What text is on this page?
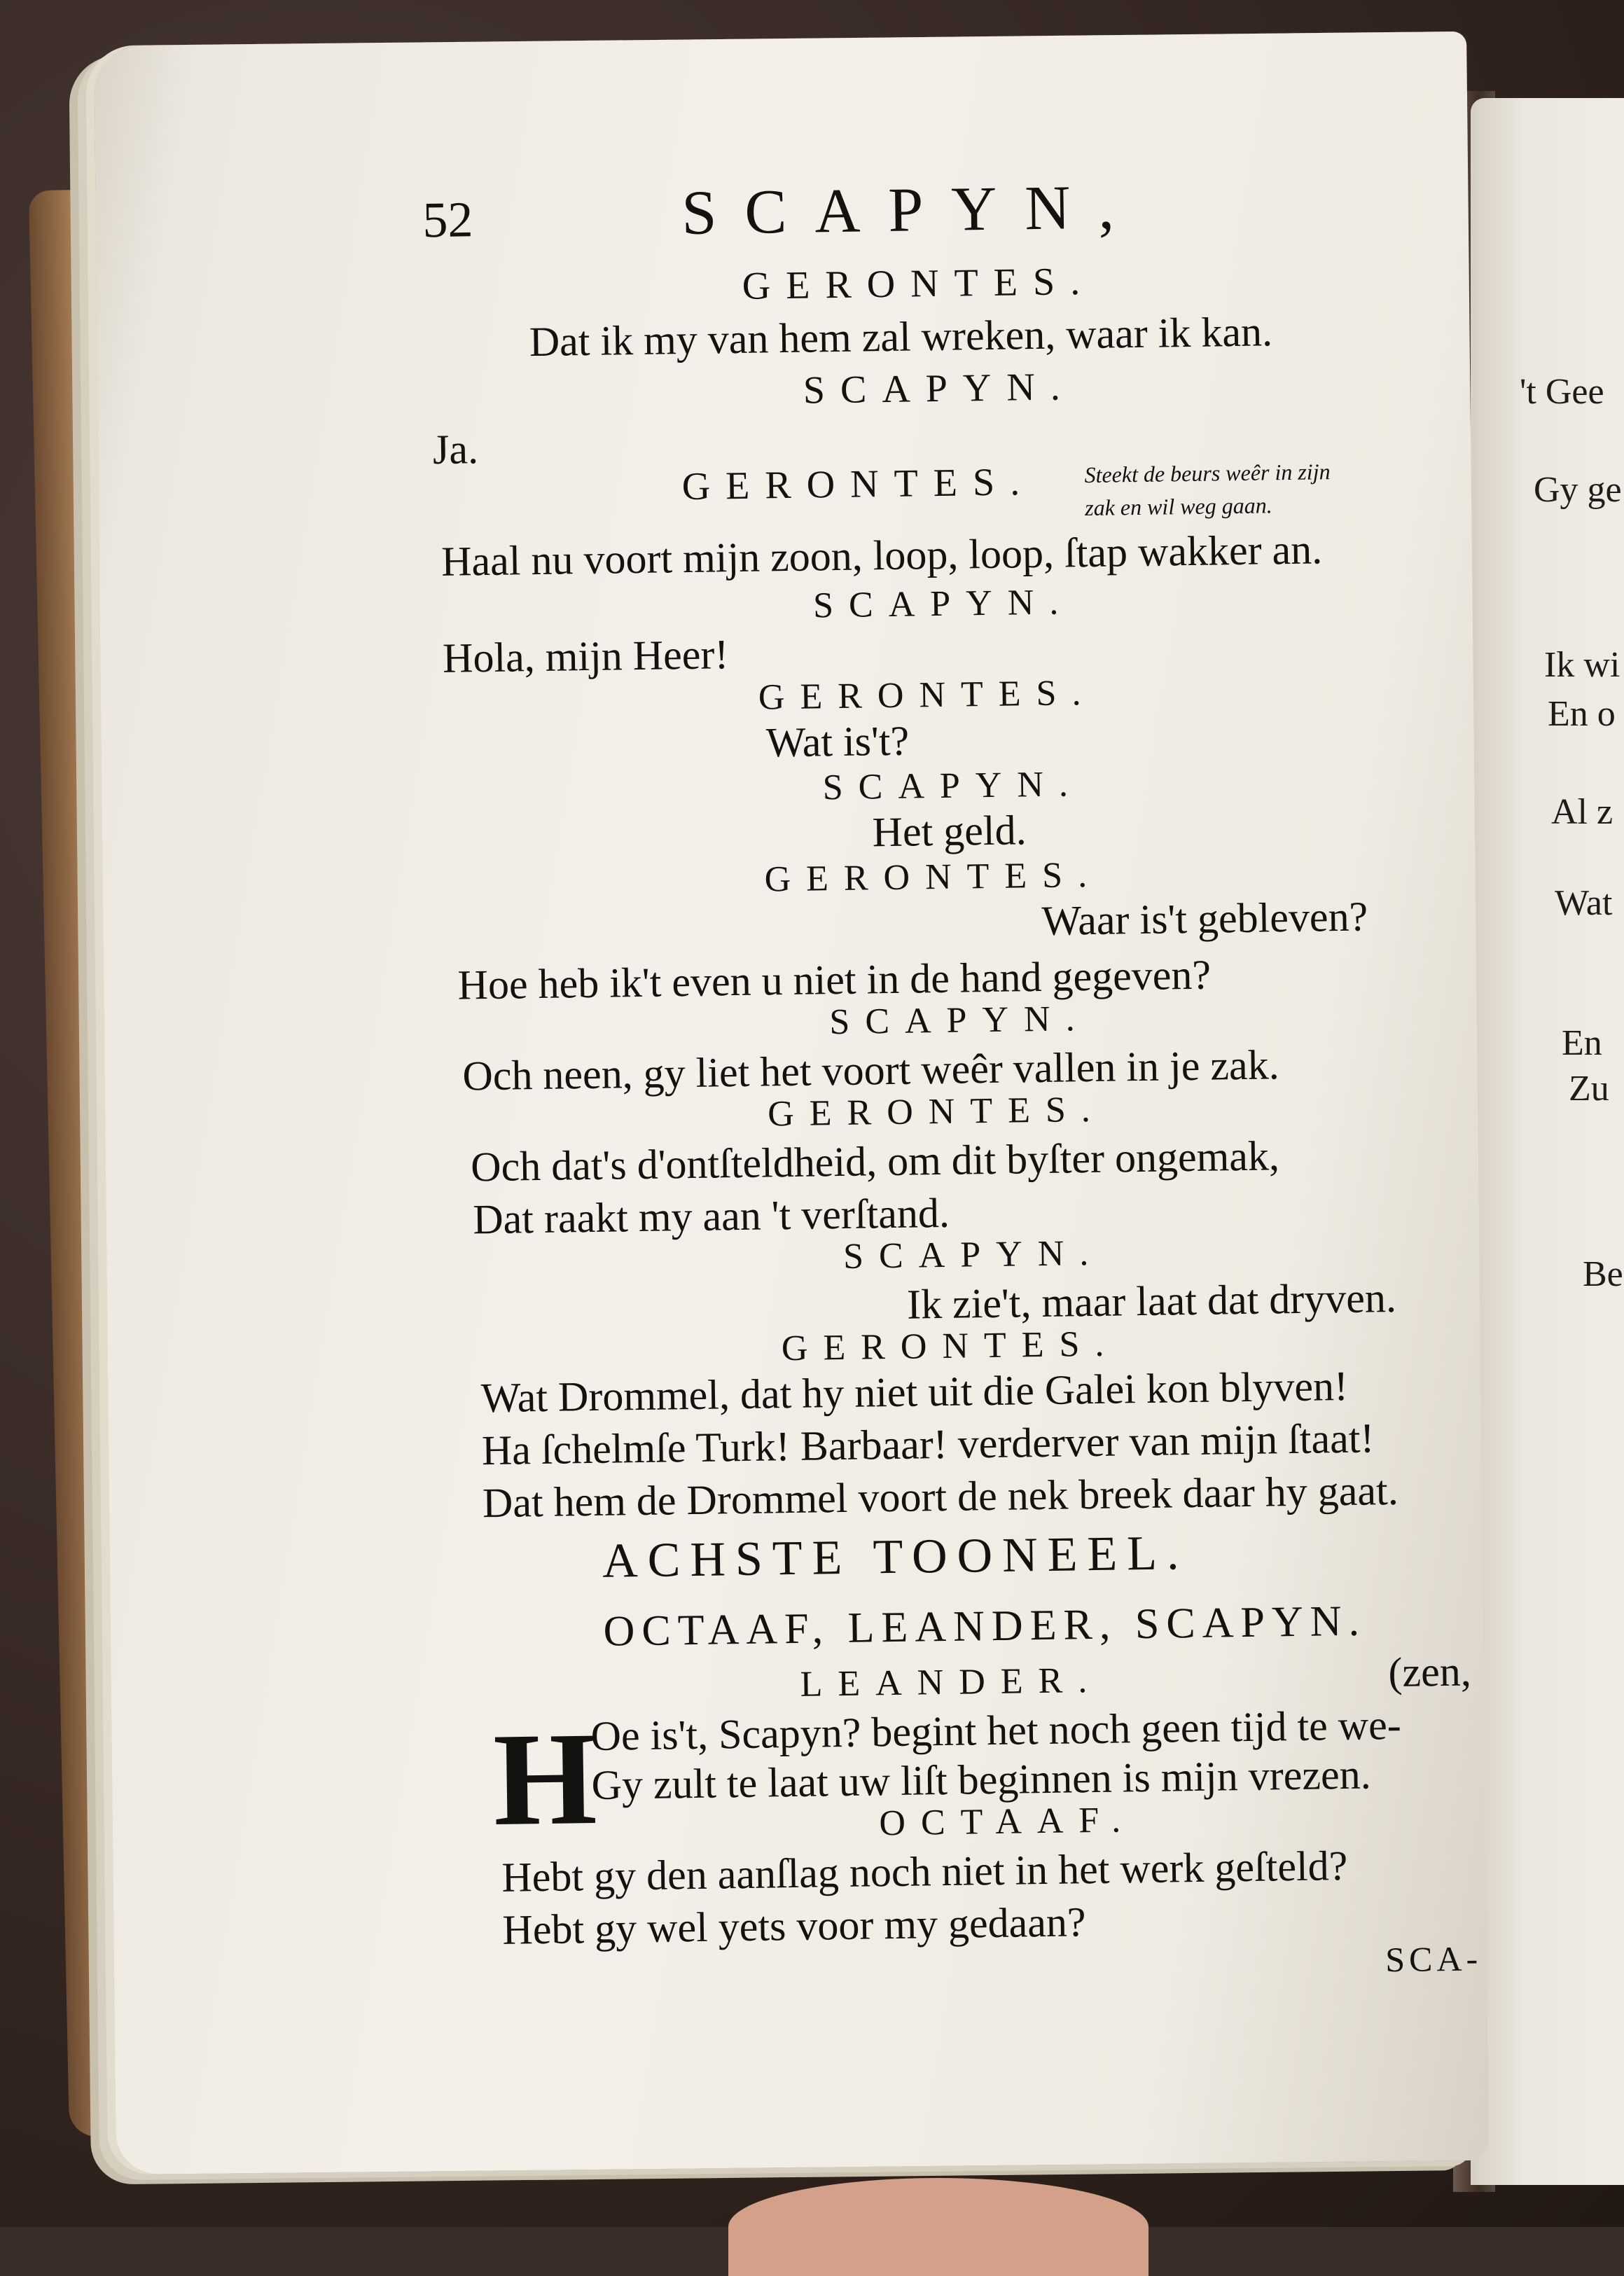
52	SCAPYN,
GERONTES.
Dat ik my van hem zal wreken, waar ik kan.
SCAPYN.
Ja.
GERONTES. Steekt de beurs weêr in zijn
zak en wil weg gaan.
Haal nu voort mijn zoon, loop, loop, ſtap wakker an.
SCAPYN.
Hola, mijn Heer!
GERONTES.
Wat is't?
SCAPYN.
Het geld.
GERONTES.
Waar is't gebleven?
Hoe heb ik't even u niet in de hand gegeven?
SCAPYN.
Och neen, gy liet het voort weêr vallen in je zak.
GERONTES.
Och dat's d'ontſteldheid, om dit byſter ongemak,
Dat raakt my aan 't verſtand.
SCAPYN.
Ik zie't, maar laat dat dryven.
GERONTES.
Wat Drommel, dat hy niet uit die Galei kon blyven!
Ha ſchelmſe Turk! Barbaar! verderver van mijn ſtaat!
Dat hem de Drommel voort de nek breek daar hy gaat.
ACHSTE TOONEEL.
OCTAAF, LEANDER, SCAPYN.
LEANDER.	(zen,
H
Oe is't, Scapyn? begint het noch geen tijd te we-
Gy zult te laat uw liſt beginnen is mijn vrezen.
OCTAAF.
Hebt gy den aanſlag noch niet in het werk geſteld?
Hebt gy wel yets voor my gedaan?
SCA-
't Gee
Gy ge
Ik wi
En o
Al z
Wat
En
Zu
Be
